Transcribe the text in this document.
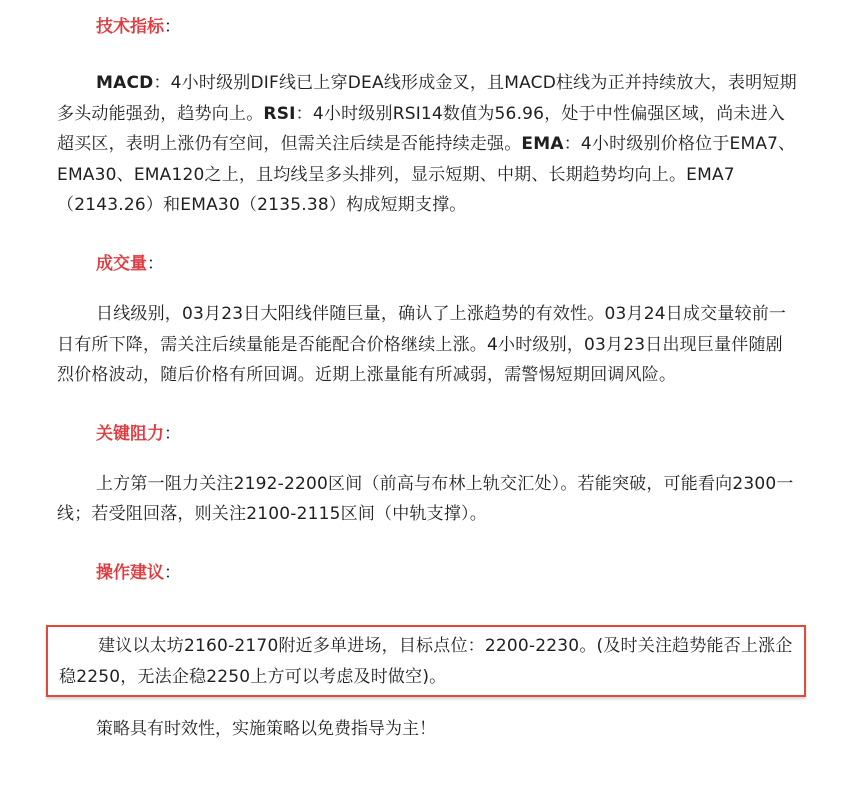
技术指标：

MACD：4小时级别DIF线已上穿DEA线形成金叉，且MACD柱线为正并持续放大，表明短期多头动能强劲，趋势向上。RSI：4小时级别RSI14数值为56.96，处于中性偏强区域，尚未进入超买区，表明上涨仍有空间，但需关注后续是否能持续走强。EMA：4小时级别价格位于EMA7、EMA30、EMA120之上，且均线呈多头排列，显示短期、中期、长期趋势均向上。EMA7（2143.26）和EMA30（2135.38）构成短期支撑。

成交量：

日线级别，03月23日大阳线伴随巨量，确认了上涨趋势的有效性。03月24日成交量较前一日有所下降，需关注后续量能是否能配合价格继续上涨。4小时级别，03月23日出现巨量伴随剧烈价格波动，随后价格有所回调。近期上涨量能有所减弱，需警惕短期回调风险。

关键阻力：

上方第一阻力关注2192-2200区间（前高与布林上轨交汇处）。若能突破，可能看向2300一线；若受阻回落，则关注2100-2115区间（中轨支撑）。

操作建议：

建议以太坊2160-2170附近多单进场，目标点位：2200-2230。(及时关注趋势能否上涨企稳2250，无法企稳2250上方可以考虑及时做空)。

策略具有时效性，实施策略以免费指导为主！
